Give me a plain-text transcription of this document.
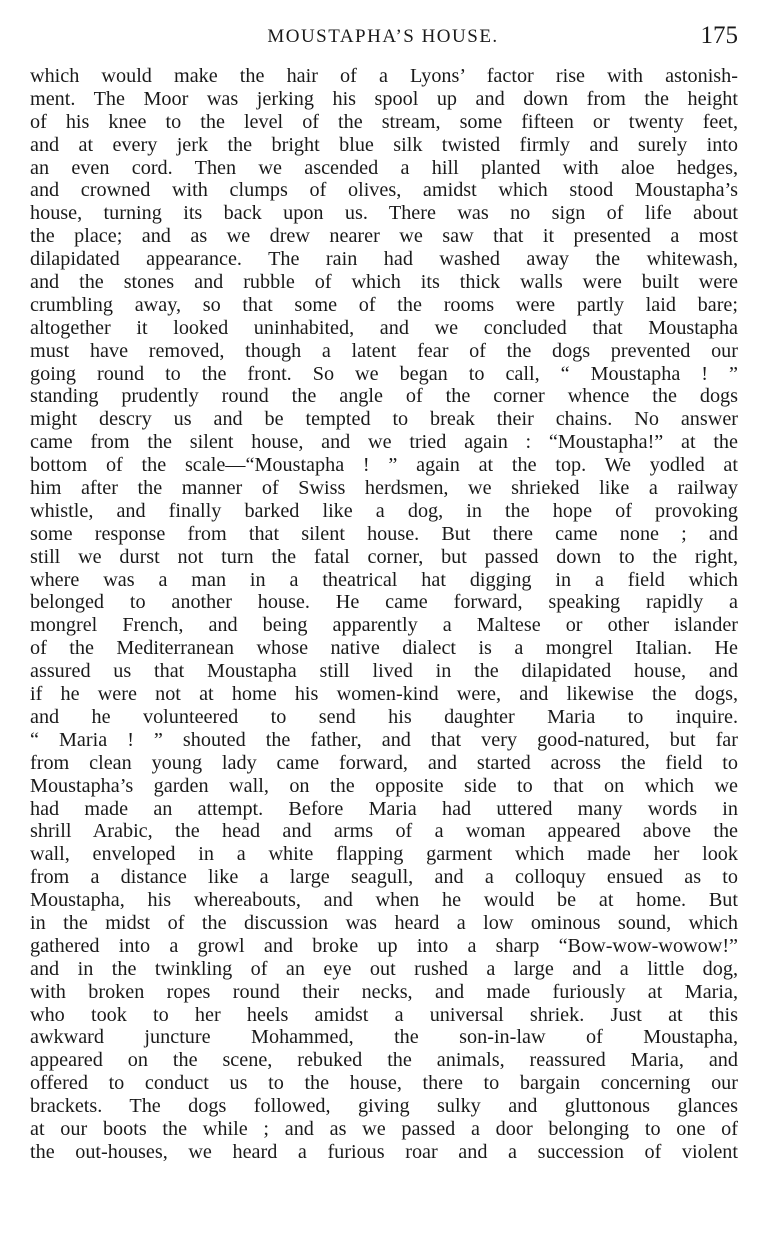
MOUSTAPHA’S HOUSE.	175
which would make the hair of a Lyons’ factor rise with astonish-
ment. The Moor was jerking his spool up and down from the height
of his knee to the level of the stream, some fifteen or twenty feet,
and at every jerk the bright blue silk twisted firmly and surely into
an even cord. Then we ascended a hill planted with aloe hedges,
and crowned with clumps of olives, amidst which stood Moustapha’s
house, turning its back upon us. There was no sign of life about
the place; and as we drew nearer we saw that it presented a most
dilapidated appearance. The rain had washed away the whitewash,
and the stones and rubble of which its thick walls were built were
crumbling away, so that some of the rooms were partly laid bare;
altogether it looked uninhabited, and we concluded that Moustapha
must have removed, though a latent fear of the dogs prevented our
going round to the front. So we began to call, “ Moustapha ! ”
standing prudently round the angle of the corner whence the dogs
might descry us and be tempted to break their chains. No answer
came from the silent house, and we tried again : “Moustapha!” at the
bottom of the scale—“Moustapha ! ” again at the top. We yodled at
him after the manner of Swiss herdsmen, we shrieked like a railway
whistle, and finally barked like a dog, in the hope of provoking
some response from that silent house. But there came none ; and
still we durst not turn the fatal corner, but passed down to the right,
where was a man in a theatrical hat digging in a field which
belonged to another house. He came forward, speaking rapidly a
mongrel French, and being apparently a Maltese or other islander
of the Mediterranean whose native dialect is a mongrel Italian. He
assured us that Moustapha still lived in the dilapidated house, and
if he were not at home his women-kind were, and likewise the dogs,
and he volunteered to send his daughter Maria to inquire.
“ Maria ! ” shouted the father, and that very good-natured, but far
from clean young lady came forward, and started across the field to
Moustapha’s garden wall, on the opposite side to that on which we
had made an attempt. Before Maria had uttered many words in
shrill Arabic, the head and arms of a woman appeared above the
wall, enveloped in a white flapping garment which made her look
from a distance like a large seagull, and a colloquy ensued as to
Moustapha, his whereabouts, and when he would be at home. But
in the midst of the discussion was heard a low ominous sound, which
gathered into a growl and broke up into a sharp “Bow-wow-wowow!”
and in the twinkling of an eye out rushed a large and a little dog,
with broken ropes round their necks, and made furiously at Maria,
who took to her heels amidst a universal shriek. Just at this
awkward juncture Mohammed, the son-in-law of Moustapha,
appeared on the scene, rebuked the animals, reassured Maria, and
offered to conduct us to the house, there to bargain concerning our
brackets. The dogs followed, giving sulky and gluttonous glances
at our boots the while ; and as we passed a door belonging to one of
the out-houses, we heard a furious roar and a succession of violent
